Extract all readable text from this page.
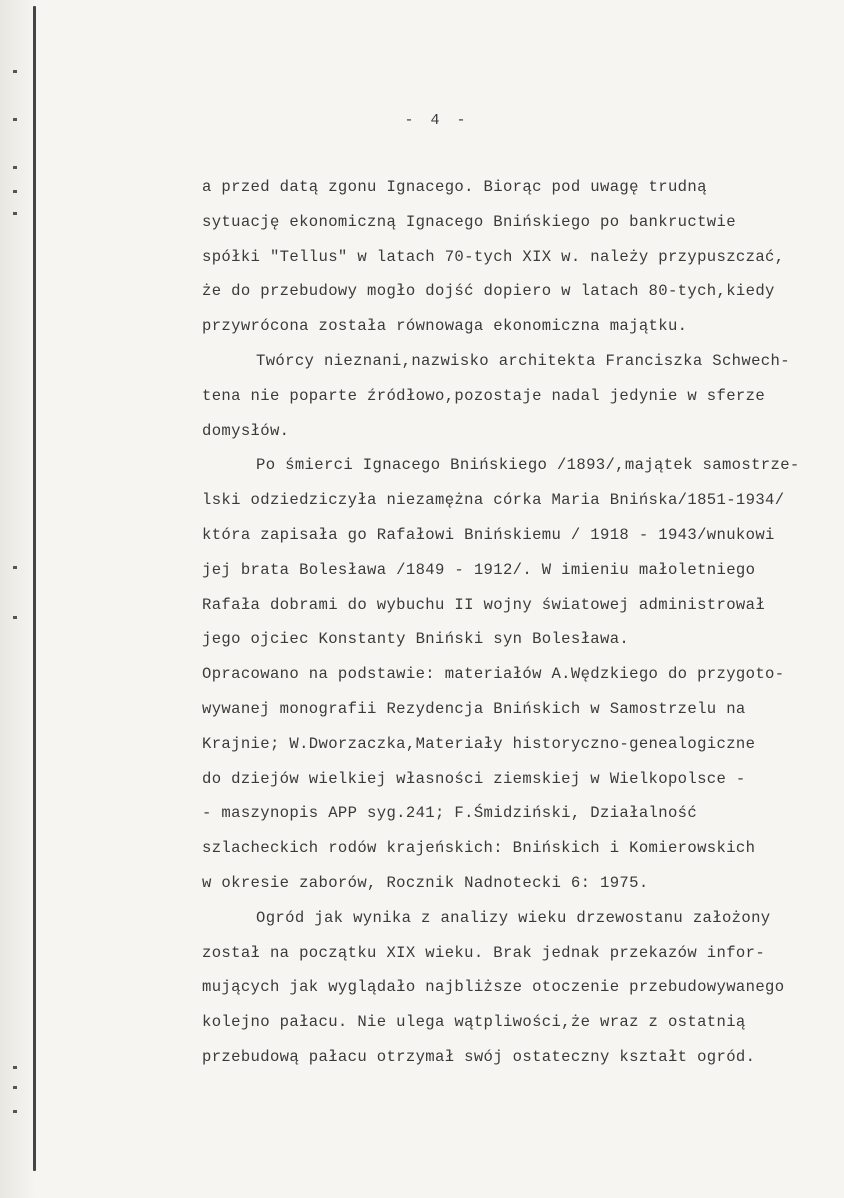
- 4 -
a przed datą zgonu Ignacego. Biorąc pod uwagę trudną
sytuację ekonomiczną Ignacego Bnińskiego po bankructwie
spółki "Tellus" w latach 70-tych XIX w. należy przypuszczać,
że do przebudowy mogło dojść dopiero w latach 80-tych,kiedy
przywrócona została równowaga ekonomiczna majątku.
Twórcy nieznani,nazwisko architekta Franciszka Schwech-
tena nie poparte źródłowo,pozostaje nadal jedynie w sferze
domysłów.
Po śmierci Ignacego Bnińskiego /1893/,majątek samostrze-
lski odziedziczyła niezamężna córka Maria Bnińska/1851-1934/
która zapisała go Rafałowi Bnińskiemu / 1918 - 1943/wnukowi
jej brata Bolesława /1849 - 1912/. W imieniu małoletniego
Rafała dobrami do wybuchu II wojny światowej administrował
jego ojciec Konstanty Bniński syn Bolesława.
Opracowano na podstawie: materiałów A.Wędzkiego do przygoto-
wywanej monografii Rezydencja Bnińskich w Samostrzelu na
Krajnie; W.Dworzaczka,Materiały historyczno-genealogiczne
do dziejów wielkiej własności ziemskiej w Wielkopolsce -
- maszynopis APP syg.241; F.Śmidziński, Działalność
szlacheckich rodów krajeńskich: Bnińskich i Komierowskich
w okresie zaborów, Rocznik Nadnotecki 6: 1975.
Ogród jak wynika z analizy wieku drzewostanu założony
został na początku XIX wieku. Brak jednak przekazów infor-
mujących jak wyglądało najbliższe otoczenie przebudowywanego
kolejno pałacu. Nie ulega wątpliwości,że wraz z ostatnią
przebudową pałacu otrzymał swój ostateczny kształt ogród.
